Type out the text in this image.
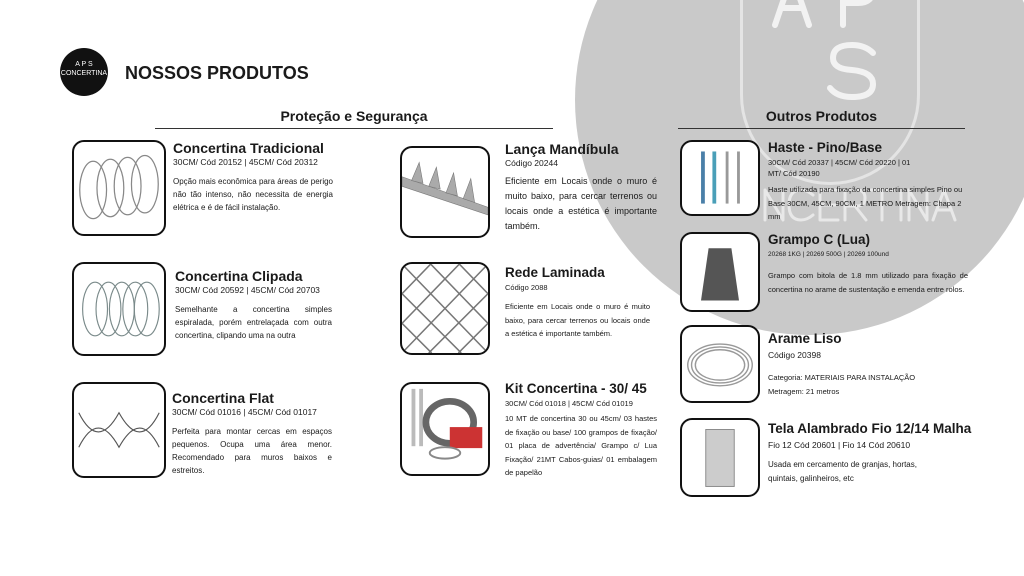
A P S CONCERTINA NOSSOS PRODUTOS
Proteção e Segurança	Outros Produtos
Concertina Tradicional
30CM/ Cód 20152 | 45CM/ Cód 20312

Opção mais econômica para áreas de perigo não tão intenso, não necessita de energia elétrica e é de fácil instalação.

Concertina Clipada
30CM/ Cód 20592 | 45CM/ Cód 20703

Semelhante a concertina simples espiralada, porém entrelaçada com outra concertina, clipando uma na outra

Concertina Flat
30CM/ Cód 01016 | 45CM/ Cód 01017

Perfeita para montar cercas em espaços pequenos. Ocupa uma área menor. Recomendado para muros baixos e estreitos.

Lança Mandíbula
Código 20244

Eficiente em Locais onde o muro é muito baixo, para cercar terrenos ou locais onde a estética é importante também.

Rede Laminada
Código 2088

Eficiente em Locais onde o muro é muito baixo, para cercar terrenos ou locais onde a estética é importante também.

Kit Concertina - 30/ 45
30CM/ Cód 01018 | 45CM/ Cód 01019

10 MT de concertina 30 ou 45cm/ 03 hastes de fixação ou base/ 100 grampos de fixação/ 01 placa de advertência/ Grampo c/ Lua Fixação/ 21MT Cabos-guias/ 01 embalagem de papelão

Haste - Pino/Base
30CM/ Cód 20337 | 45CM/ Cód 20220 | 01 MT/ Cód 20190

Haste utilizada para fixação da concertina simples Pino ou Base 30CM, 45CM, 90CM, 1 METRO Metragem: Chapa 2 mm

Grampo C (Lua)
20268 1KG | 20269 500G | 20269 100und

Grampo com bitola de 1.8 mm utilizado para fixação de concertina no arame de sustentação e emenda entre rolos.

Arame Liso
Código 20398

Categoria: MATERIAIS PARA INSTALAÇÃO Metragem: 21 metros

Tela Alambrado Fio 12/14 Malha
Fio 12 Cód 20601 | Fio 14 Cód 20610

Usada em cercamento de granjas, hortas, quintais, galinheiros, etc
